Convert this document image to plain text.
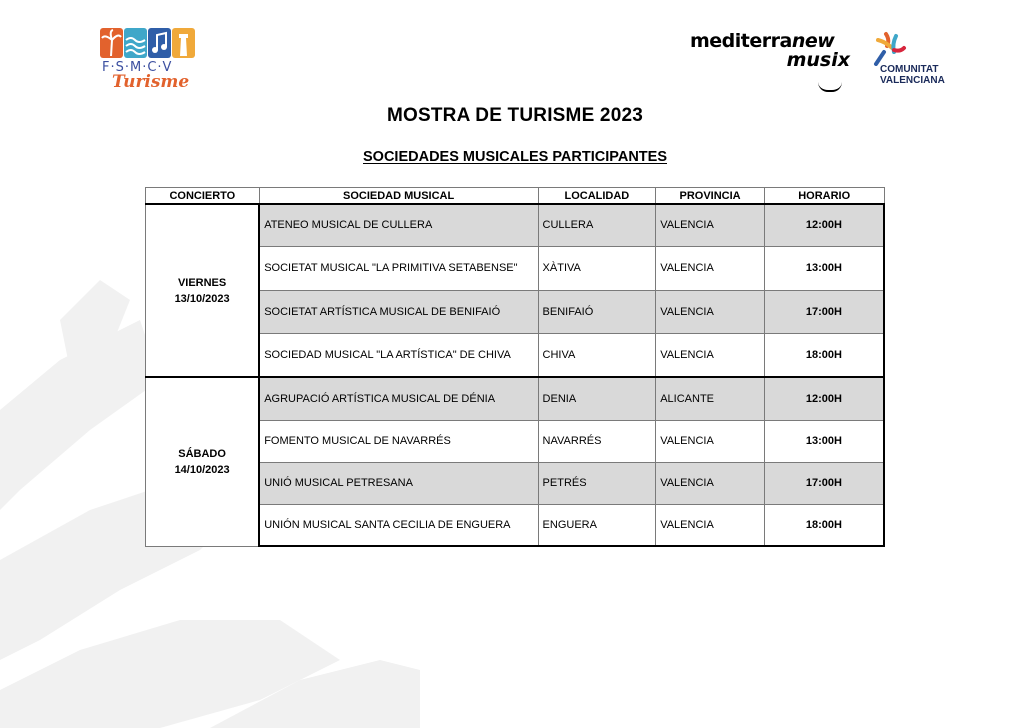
F·S·M·C·V
Turisme
mediterranew
musix	COMUNITAT
VALENCIANA
MOSTRA DE TURISME 2023
SOCIEDADES MUSICALES PARTICIPANTES
CONCIERTO	SOCIEDAD MUSICAL	LOCALIDAD	PROVINCIA	HORARIO

VIERNES
13/10/2023	ATENEO MUSICAL DE CULLERA	CULLERA	VALENCIA	12:00H
	SOCIETAT MUSICAL "LA PRIMITIVA SETABENSE"	XÀTIVA	VALENCIA	13:00H
	SOCIETAT ARTÍSTICA MUSICAL DE BENIFAIÓ	BENIFAIÓ	VALENCIA	17:00H
	SOCIEDAD MUSICAL "LA ARTÍSTICA" DE CHIVA	CHIVA	VALENCIA	18:00H

SÁBADO
14/10/2023	AGRUPACIÓ ARTÍSTICA MUSICAL DE DÉNIA	DENIA	ALICANTE	12:00H
	FOMENTO MUSICAL DE NAVARRÉS	NAVARRÉS	VALENCIA	13:00H
	UNIÓ MUSICAL PETRESANA	PETRÉS	VALENCIA	17:00H
	UNIÓN MUSICAL SANTA CECILIA DE ENGUERA	ENGUERA	VALENCIA	18:00H
